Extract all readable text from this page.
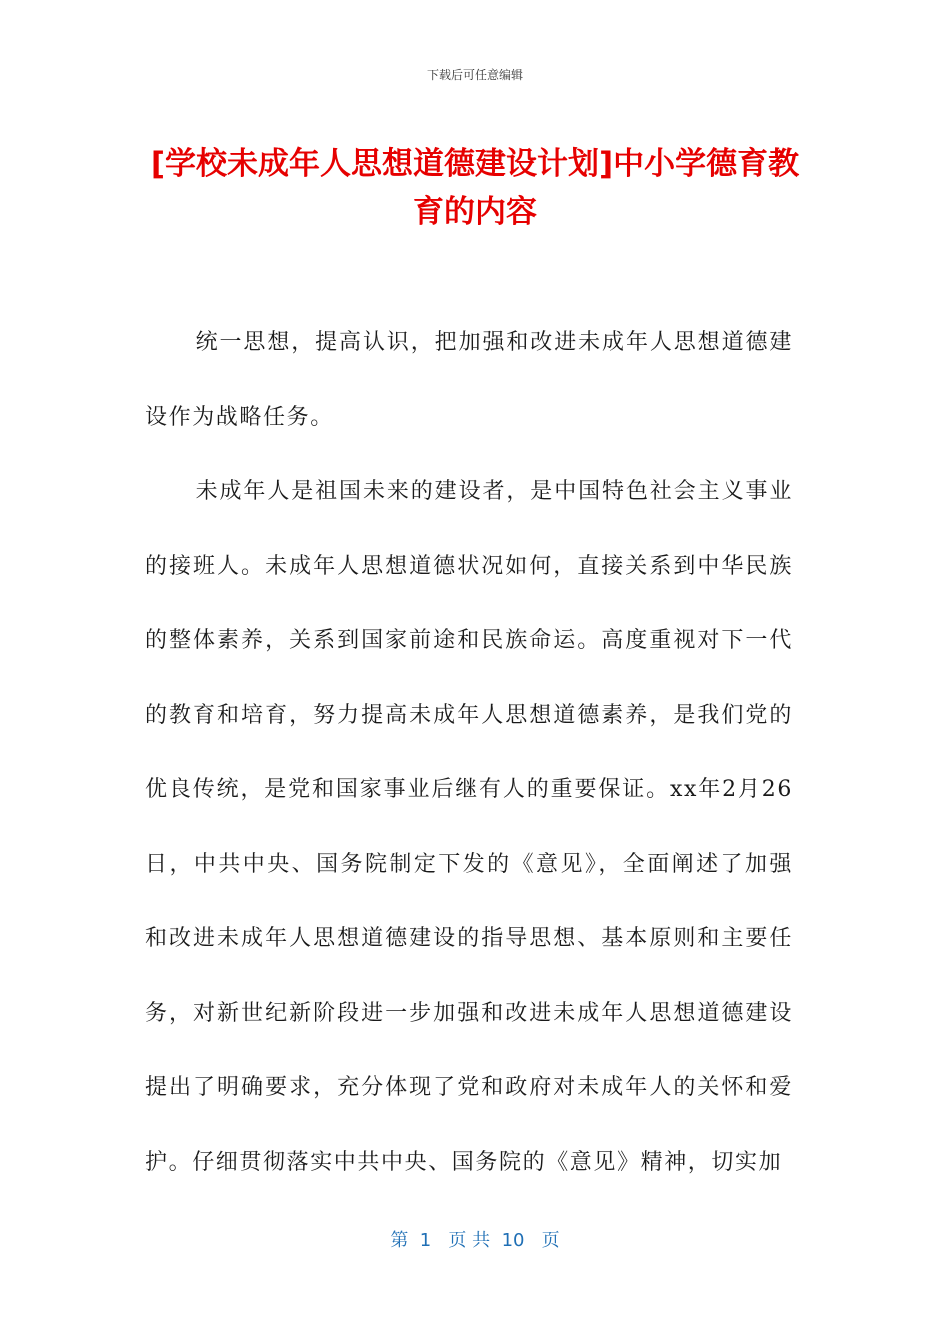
下载后可任意编辑
[学校未成年人思想道德建设计划]中小学德育教育的内容

统一思想，提高认识，把加强和改进未成年人思想道德建设作为战略任务。

未成年人是祖国未来的建设者，是中国特色社会主义事业的接班人。未成年人思想道德状况如何，直接关系到中华民族的整体素养，关系到国家前途和民族命运。高度重视对下一代的教育和培育，努力提高未成年人思想道德素养，是我们党的优良传统，是党和国家事业后继有人的重要保证。xx年2月26日，中共中央、国务院制定下发的《意见》，全面阐述了加强和改进未成年人思想道德建设的指导思想、基本原则和主要任务，对新世纪新阶段进一步加强和改进未成年人思想道德建设提出了明确要求，充分体现了党和政府对未成年人的关怀和爱护。仔细贯彻落实中共中央、国务院的《意见》精神，切实加

第  1   页 共  10   页
